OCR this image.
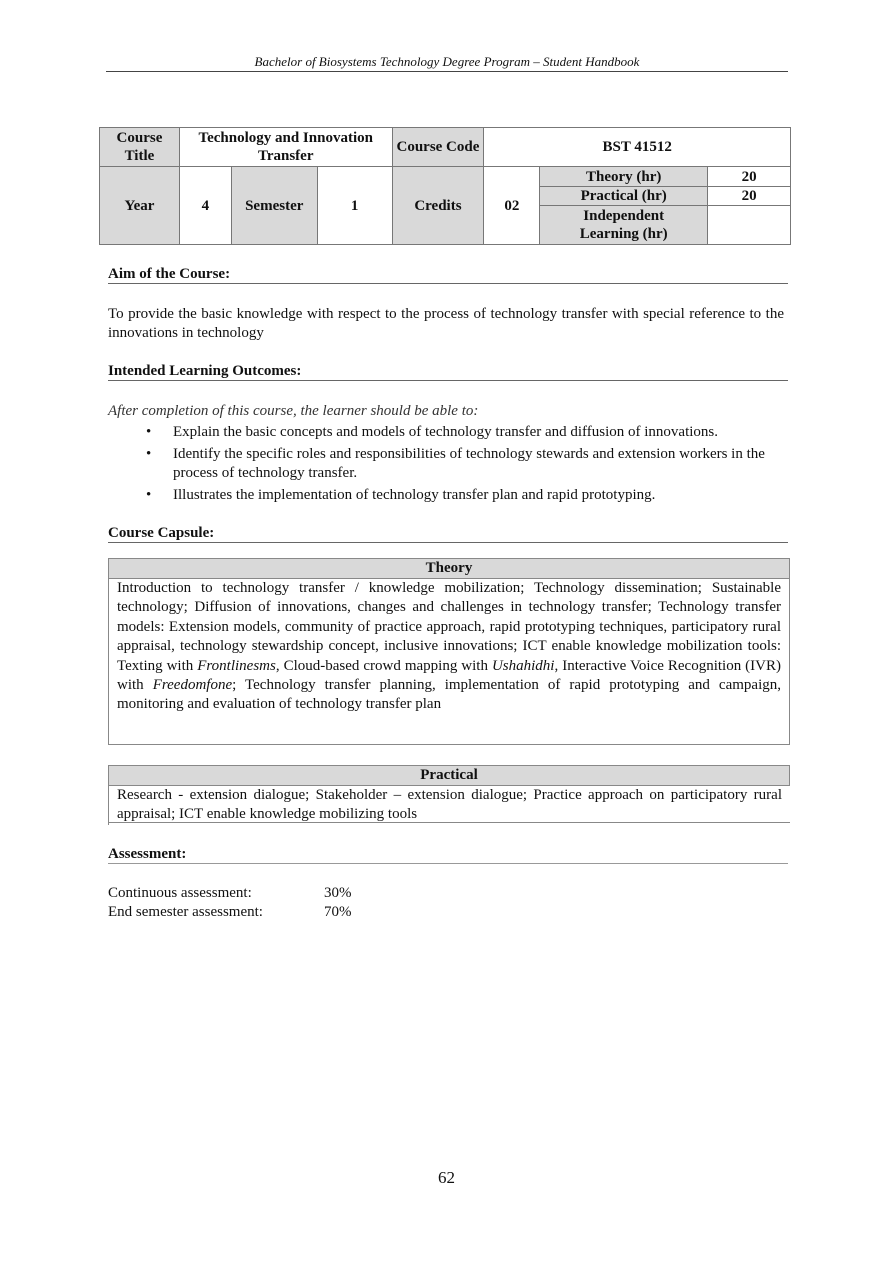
Bachelor of Biosystems Technology Degree Program – Student Handbook
Course Title	Technology and Innovation Transfer			Course Code	BST 41512		
Year	4	Semester	1	Credits	02	Theory (hr)	20
						Practical (hr)	20
						Independent Learning (hr)	
Aim of the Course:
To provide the basic knowledge with respect to the process of technology transfer with special reference to the innovations in technology
Intended Learning Outcomes:
After completion of this course, the learner should be able to:
• Explain the basic concepts and models of technology transfer and diffusion of innovations.
• Identify the specific roles and responsibilities of technology stewards and extension workers in the process of technology transfer.
• Illustrates the implementation of technology transfer plan and rapid prototyping.
Course Capsule:
Theory
Introduction to technology transfer / knowledge mobilization; Technology dissemination; Sustainable technology; Diffusion of innovations, changes and challenges in technology transfer; Technology transfer models: Extension models, community of practice approach, rapid prototyping techniques, participatory rural appraisal, technology stewardship concept, inclusive innovations; ICT enable knowledge mobilization tools: Texting with Frontlinesms, Cloud-based crowd mapping with Ushahidhi, Interactive Voice Recognition (IVR) with Freedomfone; Technology transfer planning, implementation of rapid prototyping and campaign, monitoring and evaluation of technology transfer plan
Practical
Research - extension dialogue; Stakeholder – extension dialogue; Practice approach on participatory rural appraisal; ICT enable knowledge mobilizing tools
Assessment:
Continuous assessment:	30%
End semester assessment:	70%
62
